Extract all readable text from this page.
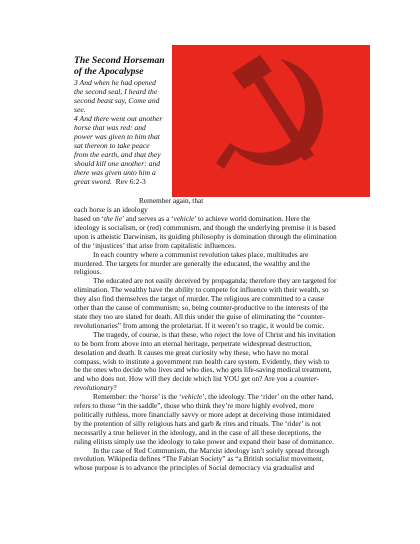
The Second Horseman
of the Apocalypse
3 And when he had opened
the second seal, I heard the
second beast say, Come and
see.
4 And there went out another
horse that was red: and
power was given to him that
sat thereon to take peace
from the earth, and that they
should kill one another: and
there was given unto him a
great sword. Rev 6:2-3
Remember again, that
each horse is an ideology
based on ‘the lie’ and serves as a ‘vehicle’ to achieve world domination. Here the
ideology is socialism, or (red) communism, and though the underlying premise it is based
upon is atheistic Darwinism, its guiding philosophy is domination through the elimination
of the ‘injustices’ that arise from capitalistic influences.
In each country where a communist revolution takes place, multitudes are
murdered. The targets for murder are generally the educated, the wealthy and the
religious.
The educated are not easily deceived by propaganda; therefore they are targeted for
elimination. The wealthy have the ability to compete for influence with their wealth, so
they also find themselves the target of murder. The religious are committed to a cause
other than the cause of communism; so, being counter-productive to the interests of the
state they too are slated for death. All this under the guise of eliminating the “counter-
revolutionaries” from among the proletariat. If it weren’t so tragic, it would be comic.
The tragedy, of course, is that these, who reject the love of Christ and his invitation
to be born from above into an eternal heritage, perpetrate widespread destruction,
desolation and death. It causes me great curiosity why these, who have no moral
compass, wish to institute a government run health care system. Evidently, they wish to
be the ones who decide who lives and who dies, who gets life-saving medical treatment,
and who does not. How will they decide which list YOU get on? Are you a counter-
revolutionary?
Remember: the ‘horse’ is the ‘vehicle’, the ideology. The ‘rider’ on the other hand,
refers to those “in the saddle”, those who think they’re more highly evolved, more
politically ruthless, more financially savvy or more adept at deceiving those intimidated
by the pretention of silly religious hats and garb & rites and rituals. The ‘rider’ is not
necessarily a true believer in the ideology, and in the case of all these deceptions, the
ruling elitists simply use the ideology to take power and expand their base of dominance.
In the case of Red Communism, the Marxist ideology isn’t solely spread through
revolution. Wikipedia defines “The Fabian Society” as “a British socialist movement,
whose purpose is to advance the principles of Social democracy via gradualist and
